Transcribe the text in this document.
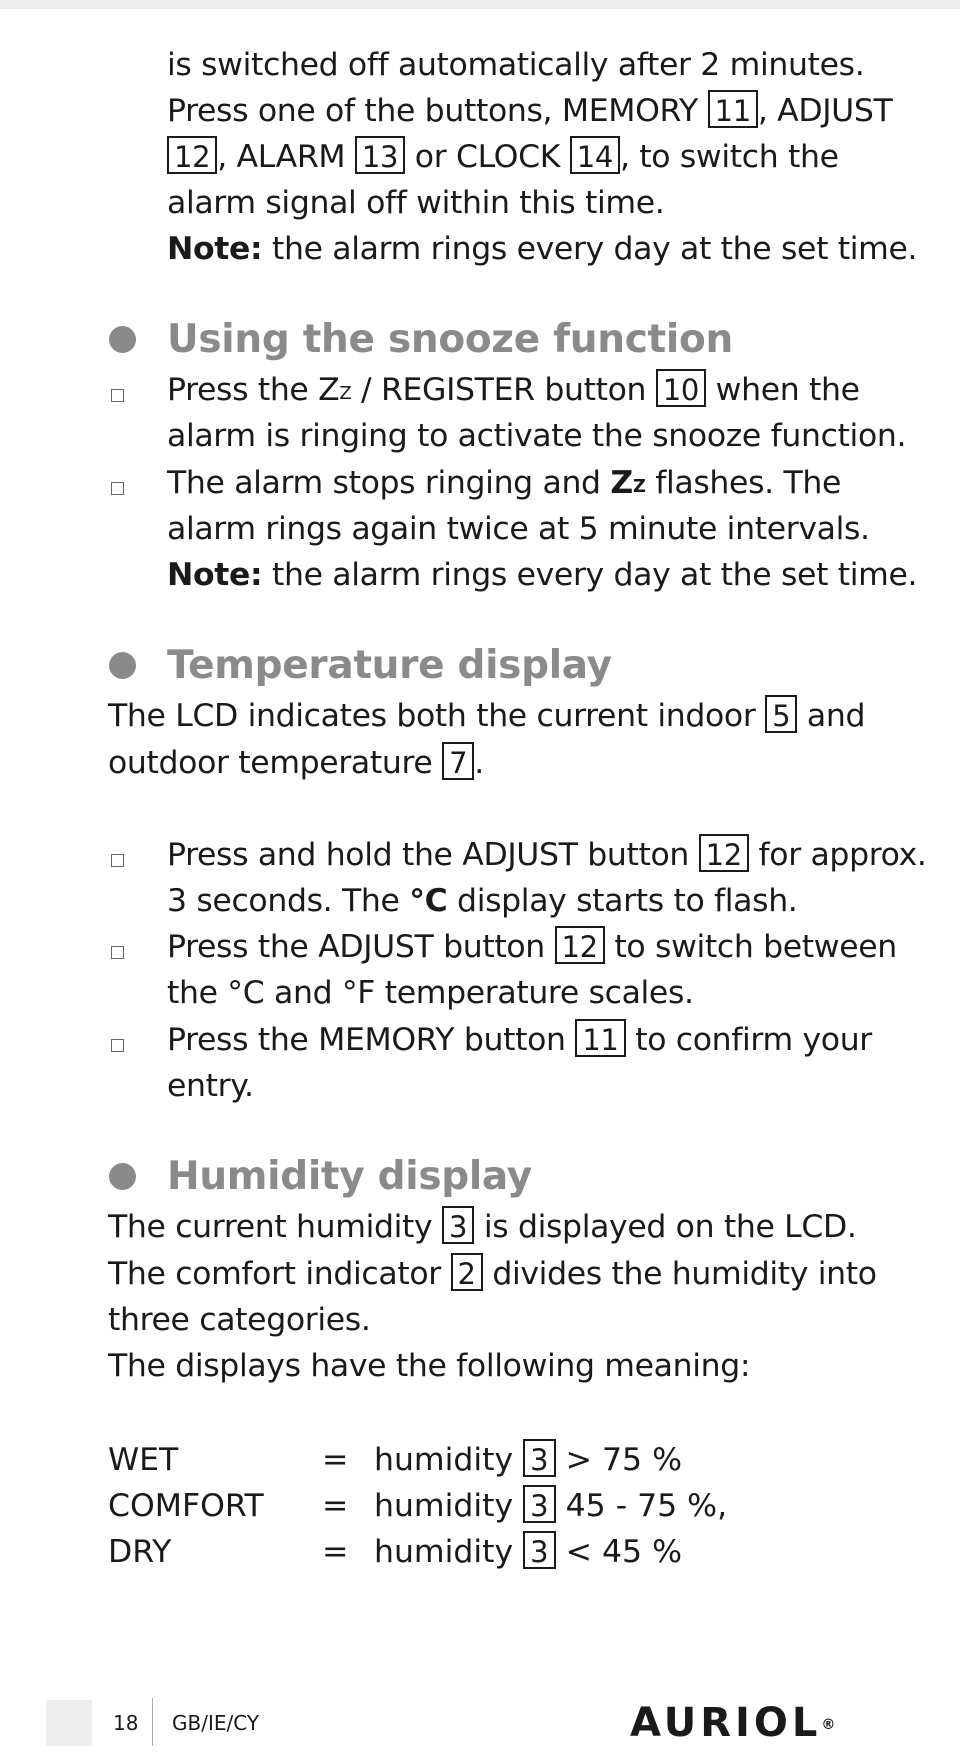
is switched off automatically after 2 minutes.
Press one of the buttons, MEMORY 11 , ADJUST
12 , ALARM 13 or CLOCK 14 , to switch the
alarm signal off within this time.
Note: the alarm rings every day at the set time.
Using the snooze function
Press the $Z^Z$ / REGISTER button 10 when the
alarm is ringing to activate the snooze function.
The alarm stops ringing and $Z^Z$ flashes. The
alarm rings again twice at 5 minute intervals.
Note: the alarm rings every day at the set time.
Temperature display
The LCD indicates both the current indoor 5 and
outdoor temperature 7 .
Press and hold the ADJUST button 12 for approx.
3 seconds. The °C display starts to flash.
Press the ADJUST button 12 to switch between
the °C and °F temperature scales.
Press the MEMORY button 11 to confirm your
entry.
Humidity display
The current humidity 3 is displayed on the LCD.
The comfort indicator 2 divides the humidity into
three categories.
The displays have the following meaning:
WET	= humidity 3 > 75 %
COMFORT = humidity 3 45 - 75 %,
DRY	= humidity 3 < 45 %
18 GB/IE/CY	AURIOL®
